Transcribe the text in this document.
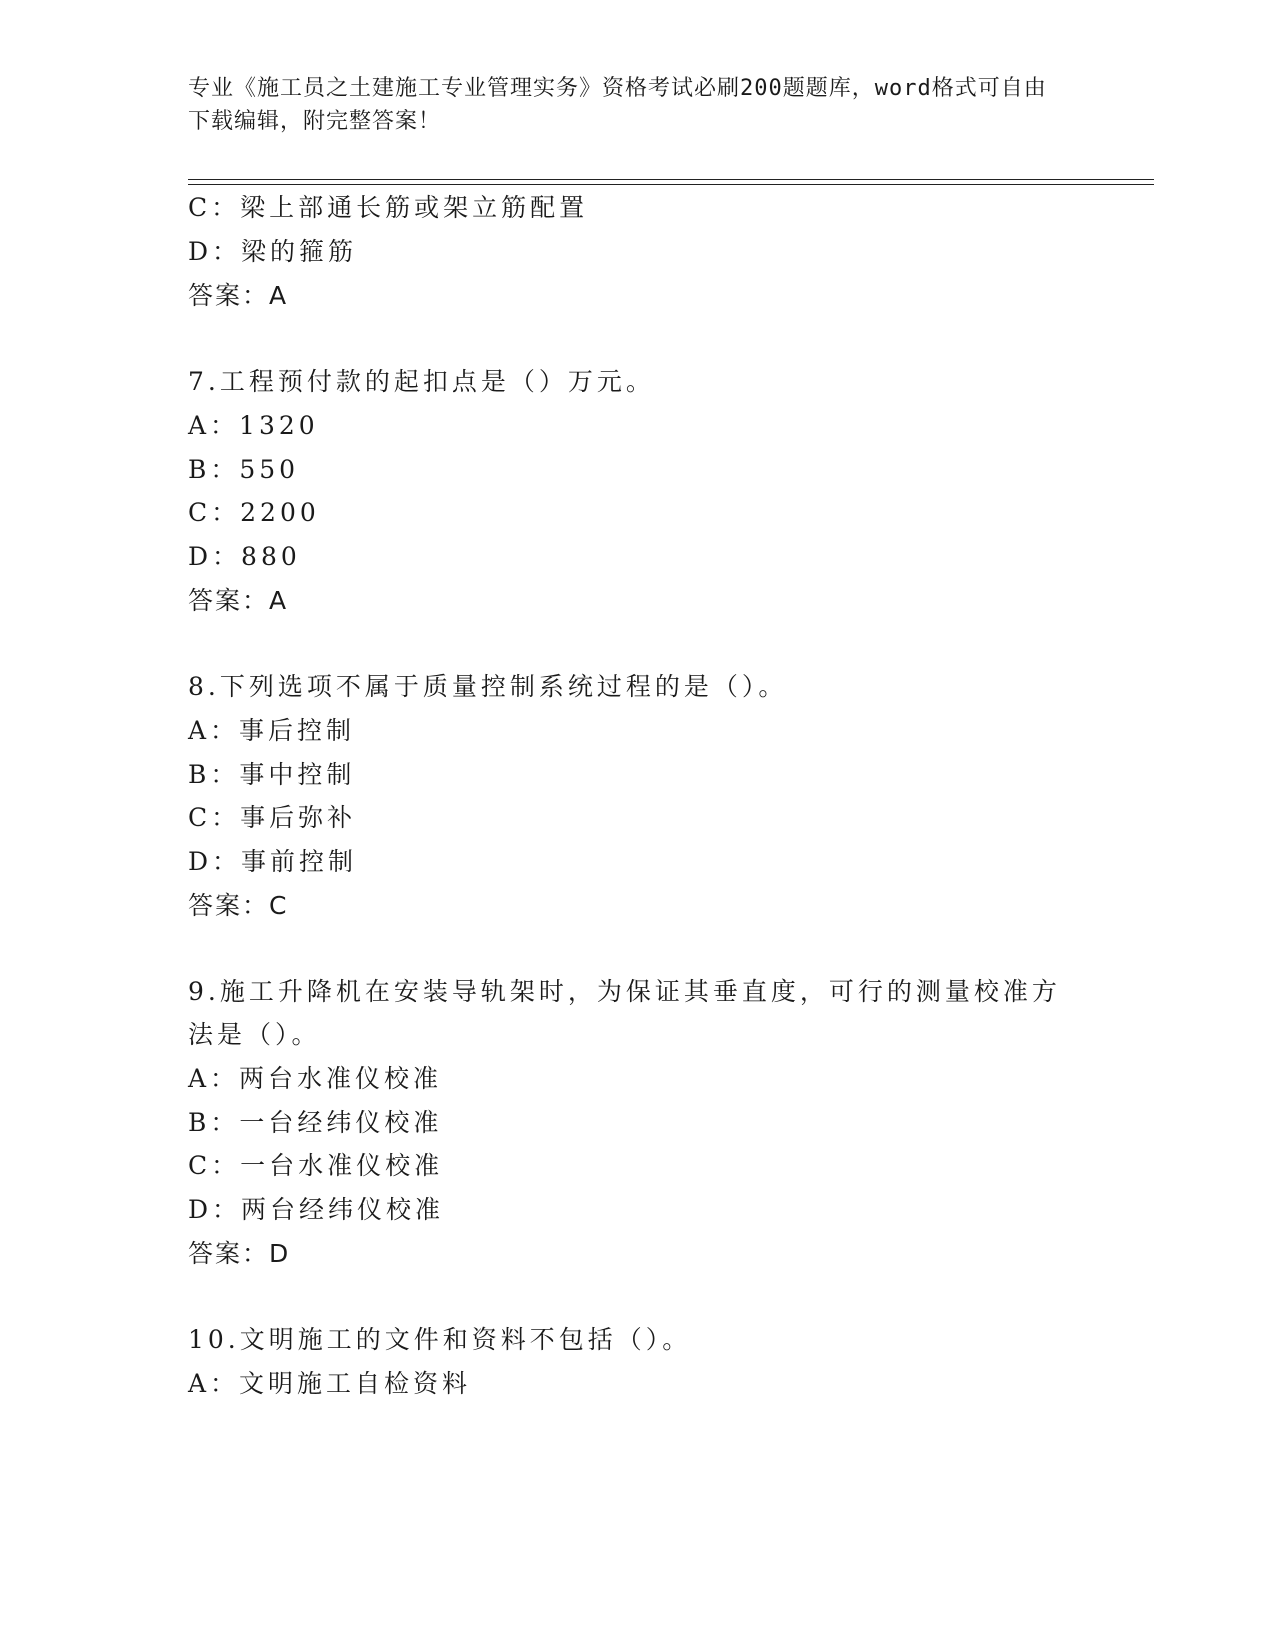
专业《施工员之土建施工专业管理实务》资格考试必刷200题题库，word格式可自由下载编辑，附完整答案！
C：梁上部通长筋或架立筋配置
D：梁的箍筋
答案：A
7.工程预付款的起扣点是（）万元。
A：1320
B：550
C：2200
D：880
答案：A
8.下列选项不属于质量控制系统过程的是（）。
A：事后控制
B：事中控制
C：事后弥补
D：事前控制
答案：C
9.施工升降机在安装导轨架时，为保证其垂直度，可行的测量校准方
法是（）。
A：两台水准仪校准
B：一台经纬仪校准
C：一台水准仪校准
D：两台经纬仪校准
答案：D
10.文明施工的文件和资料不包括（）。
A：文明施工自检资料
